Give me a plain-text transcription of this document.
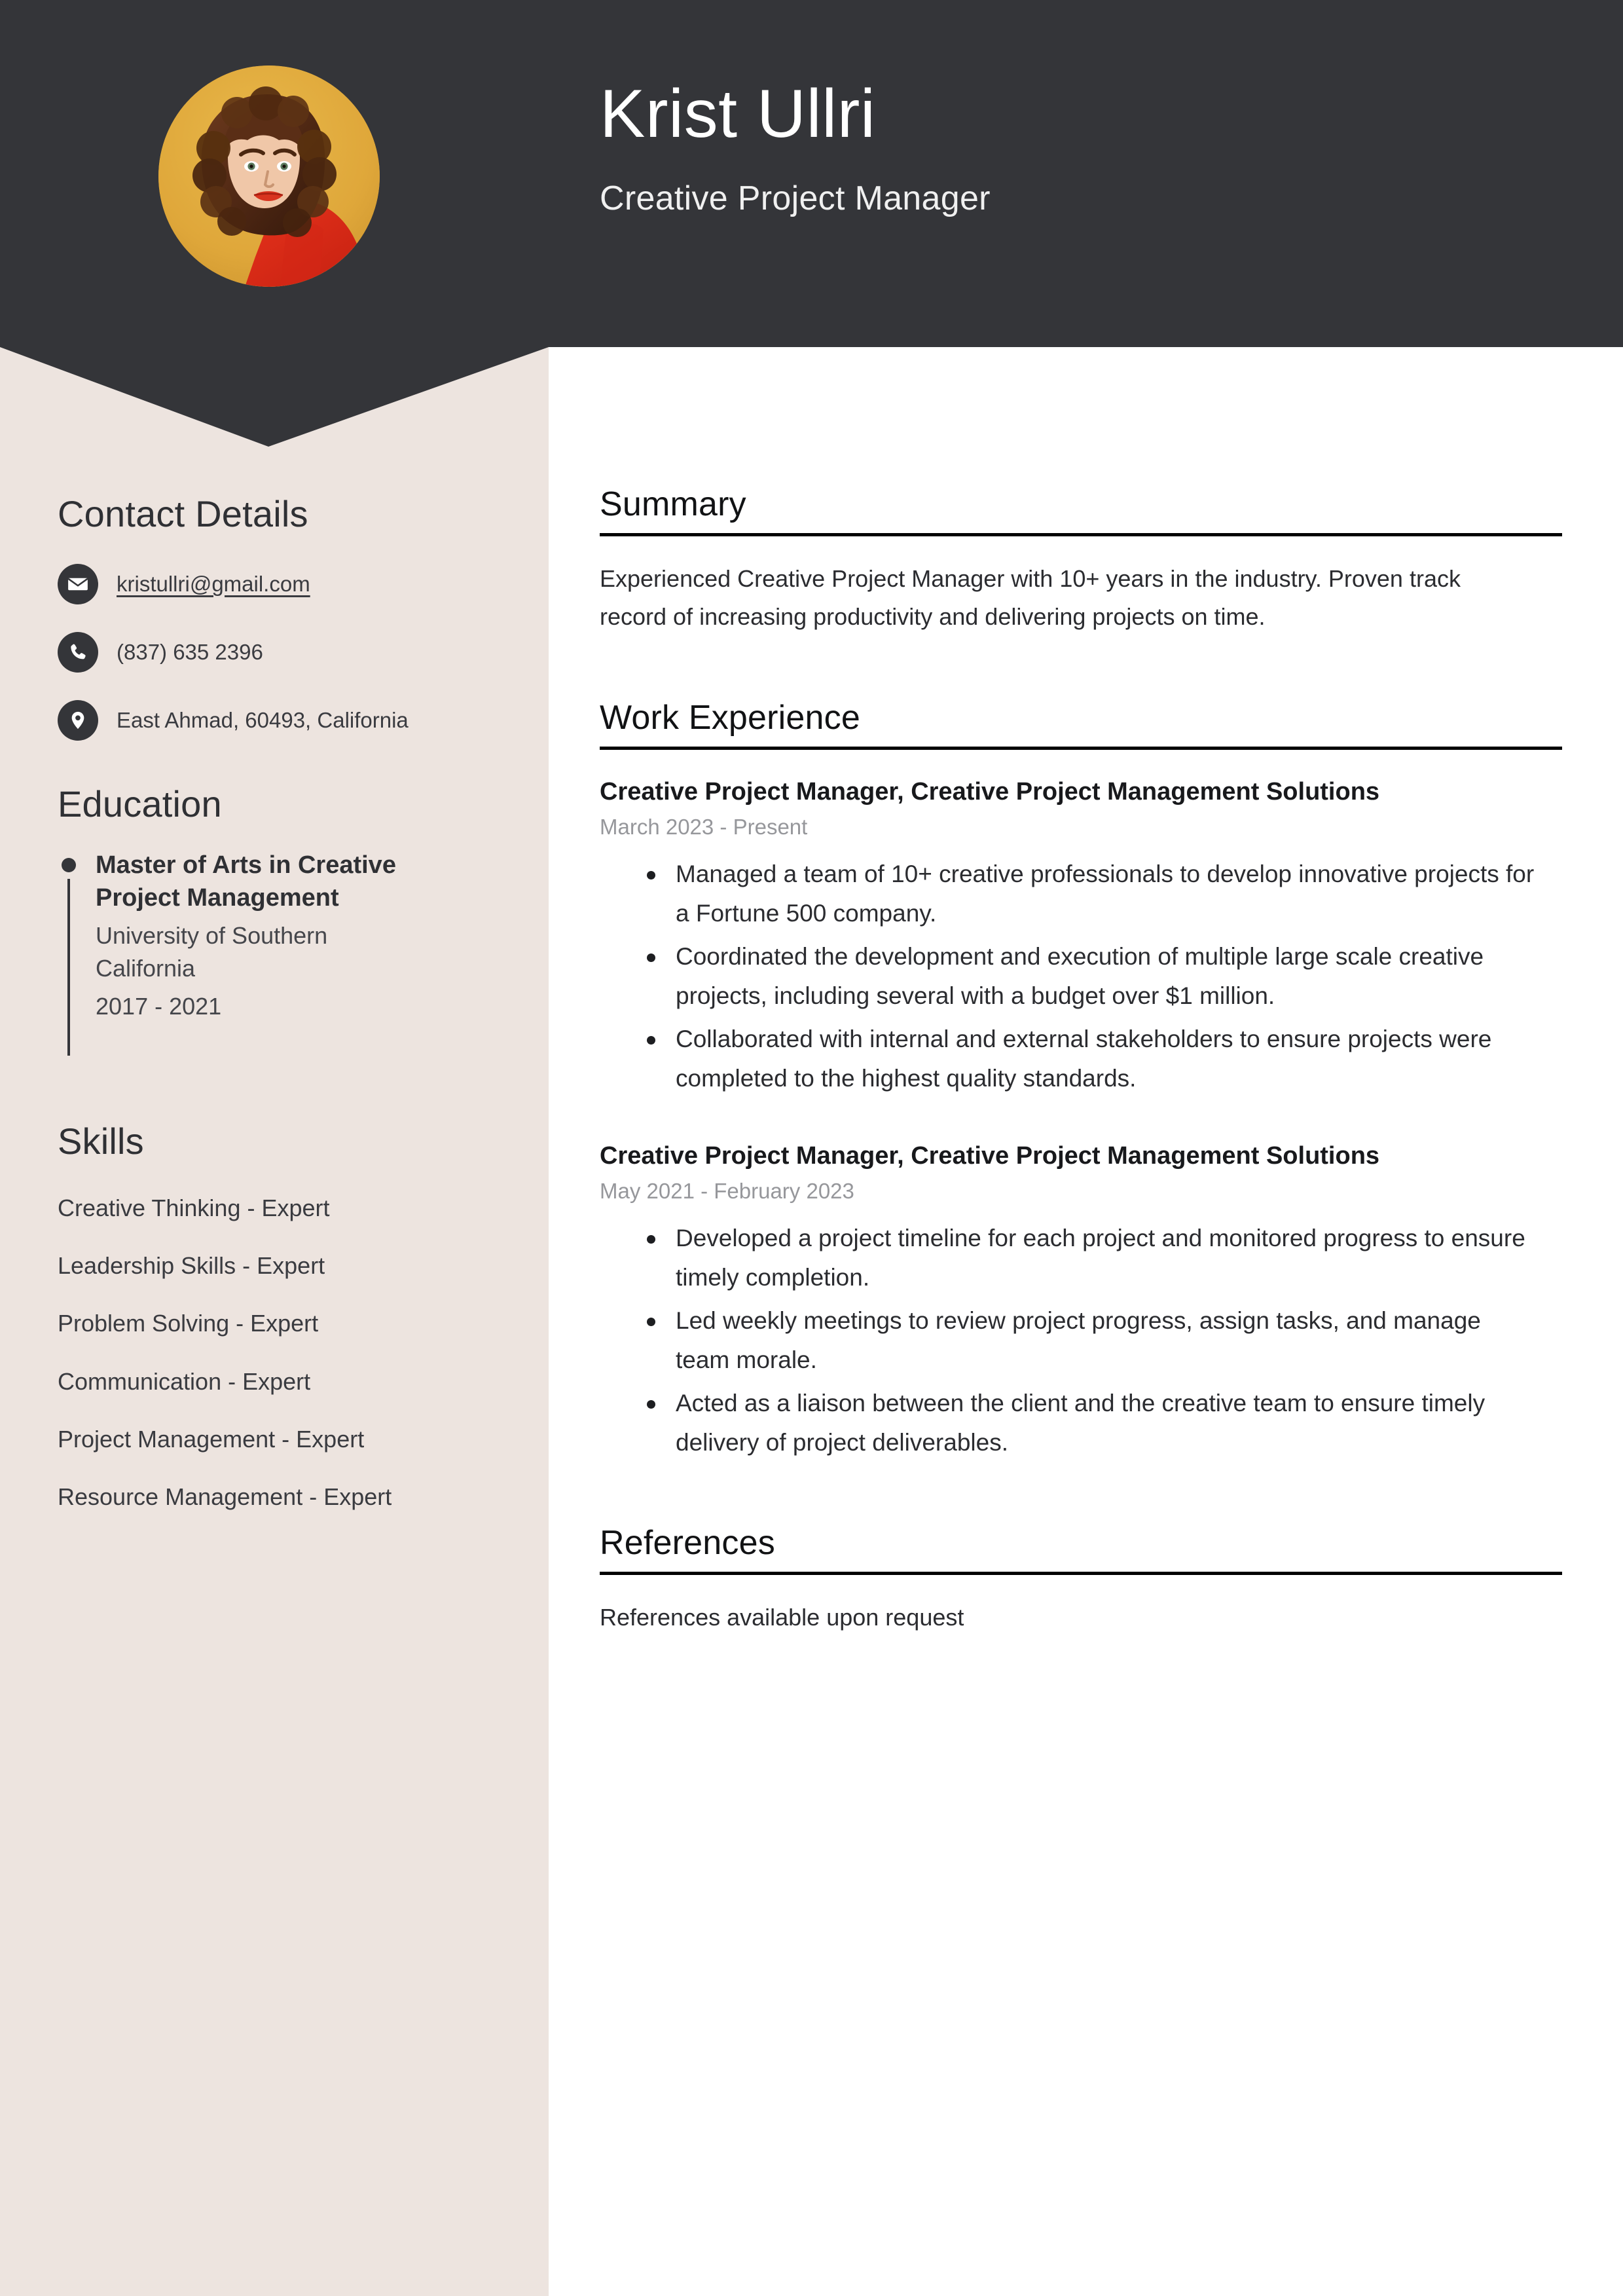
Krist Ullri
Creative Project Manager
Contact Details
kristullri@gmail.com
(837) 635 2396
East Ahmad, 60493, California
Education
Master of Arts in Creative Project Management
University of Southern California
2017 - 2021
Skills
Creative Thinking - Expert
Leadership Skills - Expert
Problem Solving - Expert
Communication - Expert
Project Management - Expert
Resource Management - Expert
Summary

Experienced Creative Project Manager with 10+ years in the industry. Proven track record of increasing productivity and delivering projects on time.

Work Experience
Creative Project Manager, Creative Project Management Solutions
March 2023 - Present
Managed a team of 10+ creative professionals to develop innovative projects for a Fortune 500 company.
Coordinated the development and execution of multiple large scale creative projects, including several with a budget over $1 million.
Collaborated with internal and external stakeholders to ensure projects were completed to the highest quality standards.
Creative Project Manager, Creative Project Management Solutions
May 2021 - February 2023
Developed a project timeline for each project and monitored progress to ensure timely completion.
Led weekly meetings to review project progress, assign tasks, and manage team morale.
Acted as a liaison between the client and the creative team to ensure timely delivery of project deliverables.
References

References available upon request
